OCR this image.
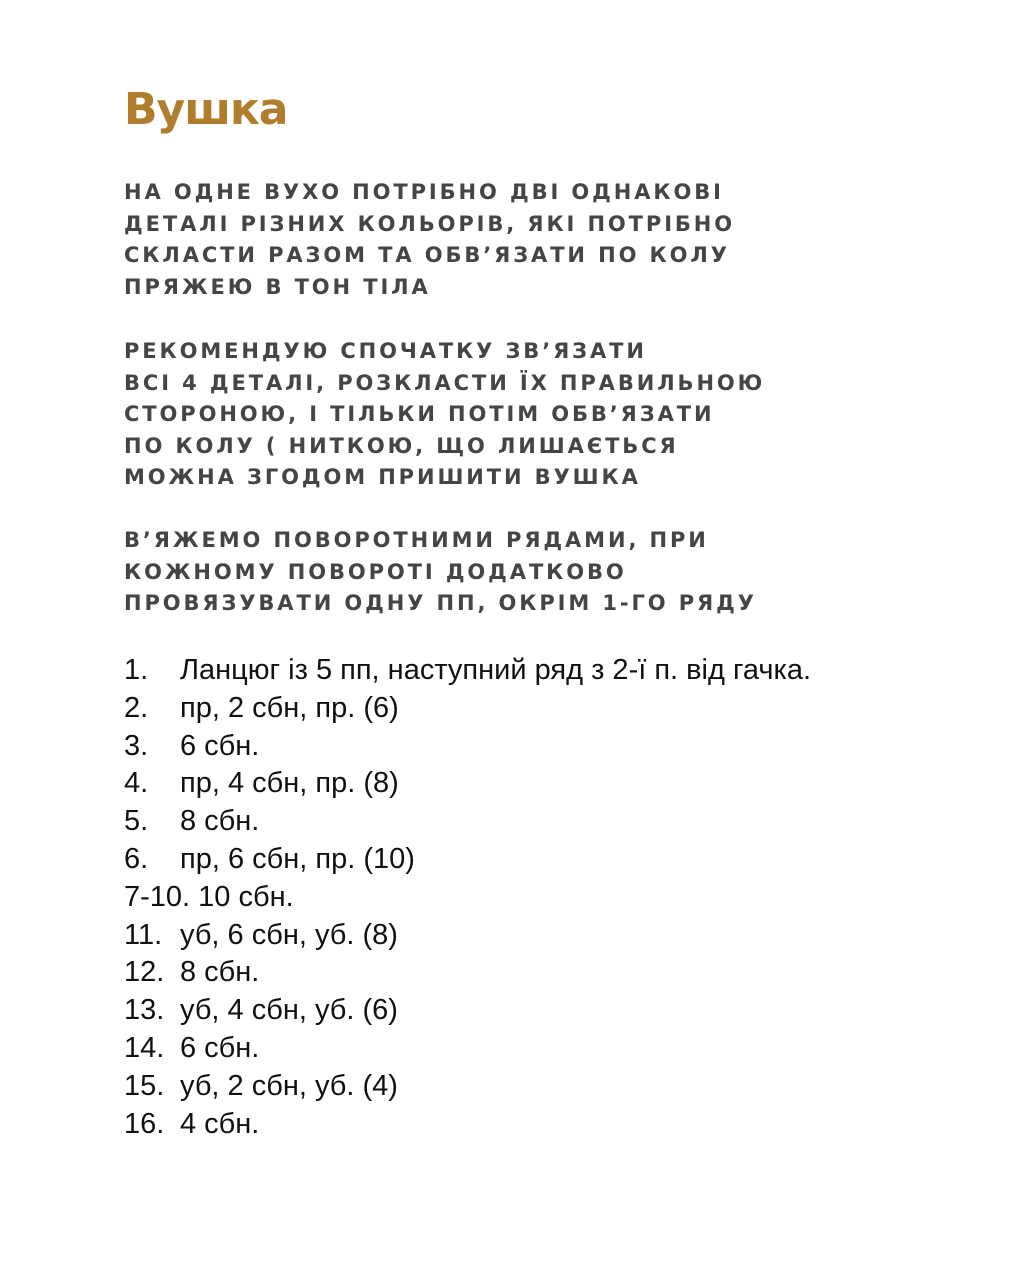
Вушка
НА ОДНЕ ВУХО ПОТРІБНО ДВІ ОДНАКОВІ
ДЕТАЛІ РІЗНИХ КОЛЬОРІВ, ЯКІ ПОТРІБНО
СКЛАСТИ РАЗОМ ТА ОБВ’ЯЗАТИ ПО КОЛУ
ПРЯЖЕЮ В ТОН ТІЛА
РЕКОМЕНДУЮ СПОЧАТКУ ЗВ’ЯЗАТИ
ВСІ 4 ДЕТАЛІ, РОЗКЛАСТИ ЇХ ПРАВИЛЬНОЮ
СТОРОНОЮ, І ТІЛЬКИ ПОТІМ ОБВ’ЯЗАТИ
ПО КОЛУ ( НИТКОЮ, ЩО ЛИШАЄТЬСЯ
МОЖНА ЗГОДОМ ПРИШИТИ ВУШКА
В’ЯЖЕМО ПОВОРОТНИМИ РЯДАМИ, ПРИ
КОЖНОМУ ПОВОРОТІ ДОДАТКОВО
ПРОВЯЗУВАТИ ОДНУ ПП, ОКРІМ 1-ГО РЯДУ
1. Ланцюг із 5 пп, наступний ряд з 2-ї п. від гачка.
2. пр, 2 сбн, пр. (6)
3. 6 сбн.
4. пр, 4 сбн, пр. (8)
5. 8 сбн.
6. пр, 6 сбн, пр. (10)
7-10. 10 сбн.
11. уб, 6 сбн, уб. (8)
12. 8 сбн.
13. уб, 4 сбн, уб. (6)
14. 6 сбн.
15. уб, 2 сбн, уб. (4)
16. 4 сбн.
